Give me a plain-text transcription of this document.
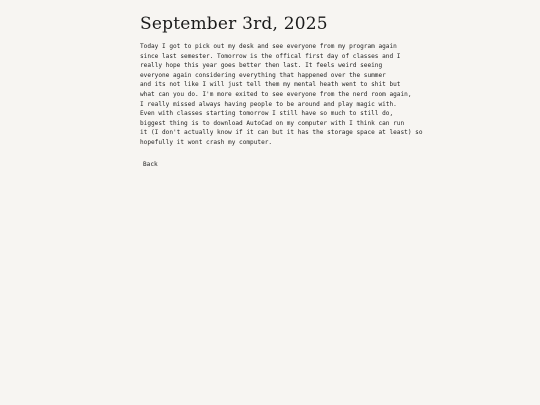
September 3rd, 2025
Today I got to pick out my desk and see everyone from my program again
since last semester. Tomorrow is the offical first day of classes and I
really hope this year goes better then last. It feels weird seeing
everyone again considering everything that happened over the summer
and its not like I will just tell them my mental heath went to shit but
what can you do. I'm more exited to see everyone from the nerd room again,
I really missed always having people to be around and play magic with.
Even with classes starting tomorrow I still have so much to still do,
biggest thing is to download AutoCad on my computer with I think can run
it (I don't actually know if it can but it has the storage space at least) so
hopefully it wont crash my computer.
Back
